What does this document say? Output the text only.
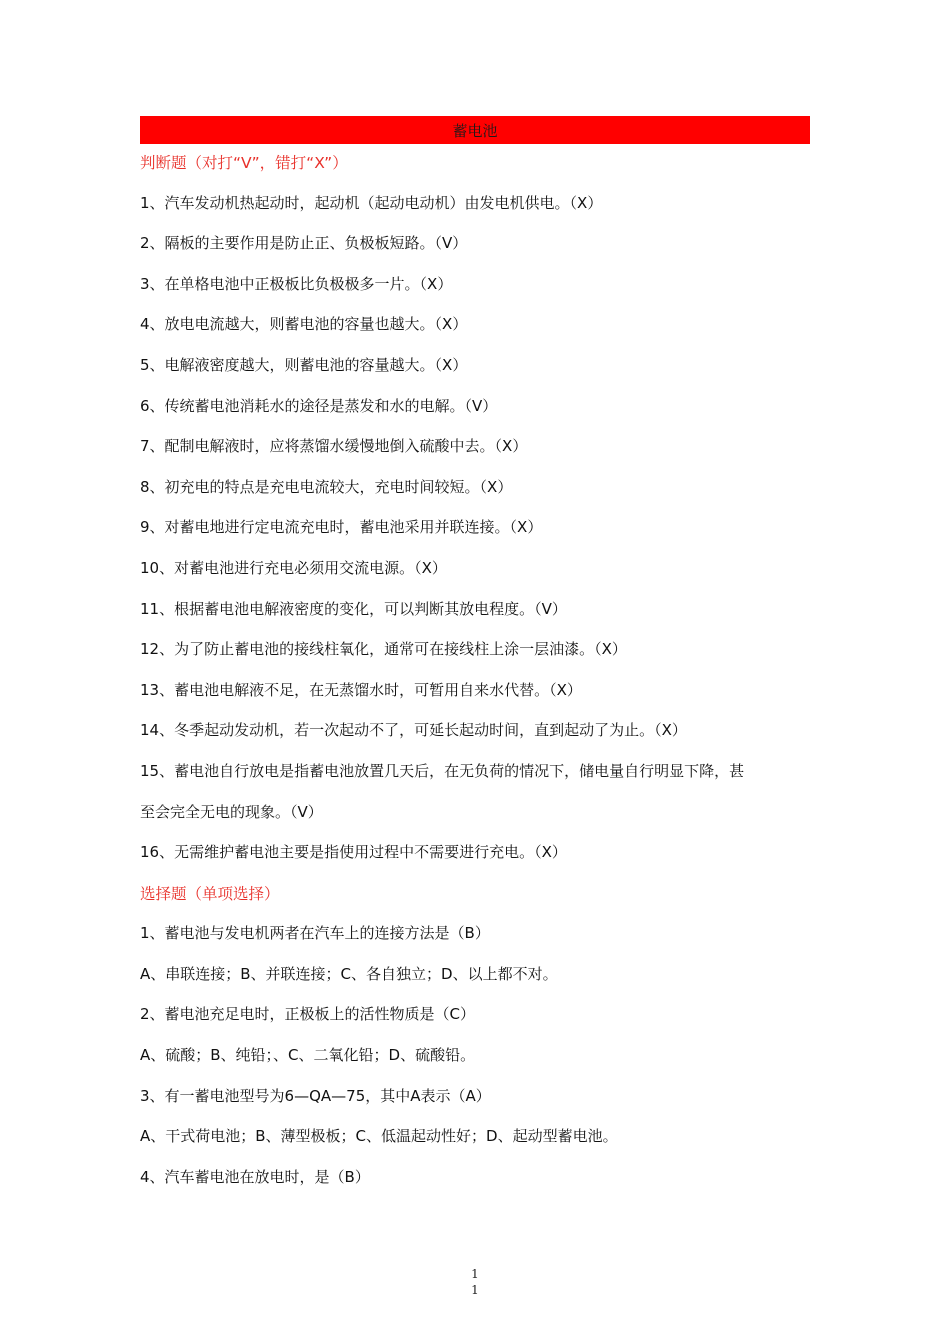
蓄电池
判断题（对打“V”，错打“X”）
1、汽车发动机热起动时，起动机（起动电动机）由发电机供电。（X）
2、隔板的主要作用是防止正、负极板短路。（V）
3、在单格电池中正极板比负极极多一片。（X）
4、放电电流越大，则蓄电池的容量也越大。（X）
5、电解液密度越大，则蓄电池的容量越大。（X）
6、传统蓄电池消耗水的途径是蒸发和水的电解。（V）
7、配制电解液时，应将蒸馏水缓慢地倒入硫酸中去。（X）
8、初充电的特点是充电电流较大，充电时间较短。（X）
9、对蓄电地进行定电流充电时，蓄电池采用并联连接。（X）
10、对蓄电池进行充电必须用交流电源。（X）
11、根据蓄电池电解液密度的变化，可以判断其放电程度。（V）
12、为了防止蓄电池的接线柱氧化，通常可在接线柱上涂一层油漆。（X）
13、蓄电池电解液不足，在无蒸馏水时，可暂用自来水代替。（X）
14、冬季起动发动机，若一次起动不了，可延长起动时间，直到起动了为止。（X）
15、蓄电池自行放电是指蓄电池放置几天后，在无负荷的情况下，储电量自行明显下降，甚
至会完全无电的现象。（V）
16、无需维护蓄电池主要是指使用过程中不需要进行充电。（X）
选择题（单项选择）
1、蓄电池与发电机两者在汽车上的连接方法是（B）
A、串联连接；B、并联连接；C、各自独立；D、以上都不对。
2、蓄电池充足电时，正极板上的活性物质是（C）
A、硫酸；B、纯铅；、C、二氧化铅；D、硫酸铅。
3、有一蓄电池型号为6—QA—75，其中A表示（A）
A、干式荷电池；B、薄型极板；C、低温起动性好；D、起动型蓄电池。
4、汽车蓄电池在放电时，是（B）
1
1
